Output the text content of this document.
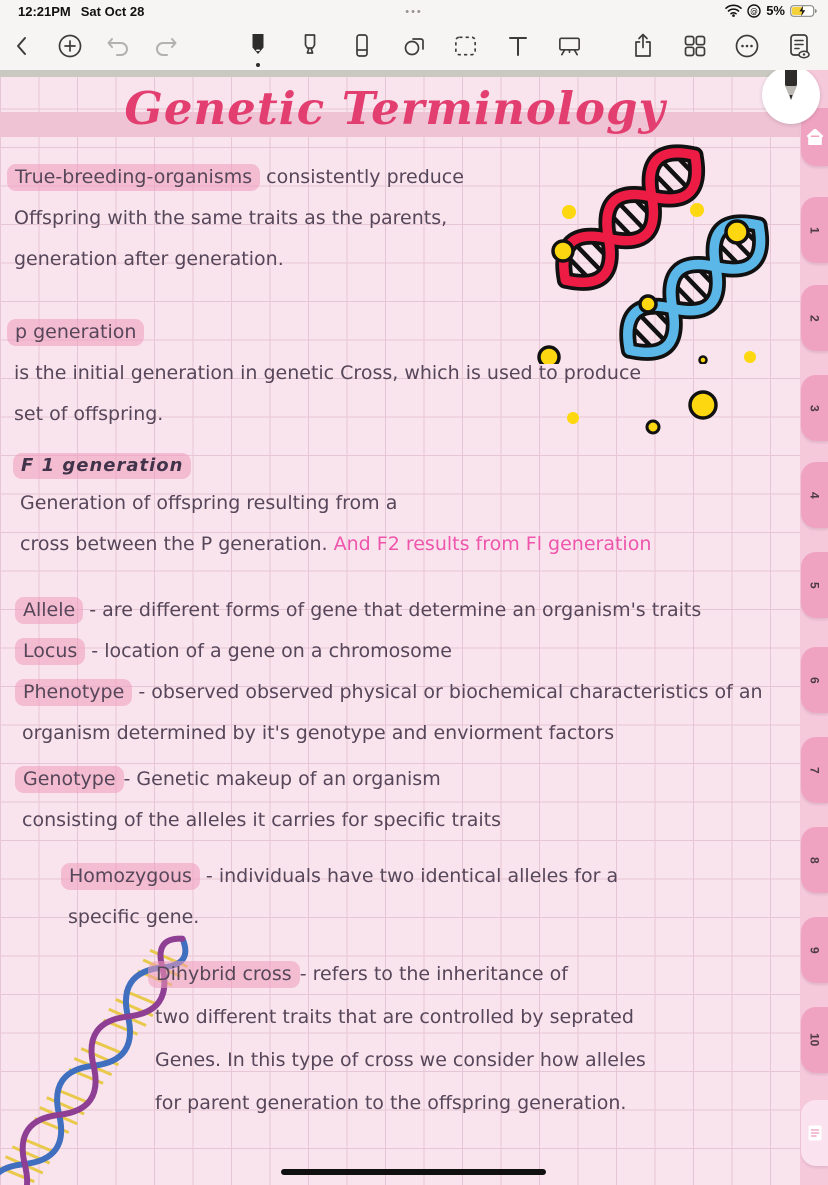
12:21PM Sat Oct 28	•••	@ 5%
Genetic Terminology
True-breeding-organisms consistently preduce
Offspring with the same traits as the parents,
generation after generation.
p generation
is the initial generation in genetic Cross, which is used to produce
set of offspring.
F 1 generation
Generation of offspring resulting from a
cross between the P generation. And F2 results from Fl generation
Allele - are different forms of gene that determine an organism's traits
Locus - location of a gene on a chromosome
Phenotype - observed observed physical or biochemical characteristics of an
organism determined by it's genotype and enviorment factors
Genotype - Genetic makeup of an organism
consisting of the alleles it carries for specific traits
Homozygous - individuals have two identical alleles for a
specific gene.
Dihybrid cross - refers to the inheritance of
two different traits that are controlled by seprated
Genes. In this type of cross we consider how alleles
for parent generation to the offspring generation.
1
2
3
4
5
6
7
8
9
10
